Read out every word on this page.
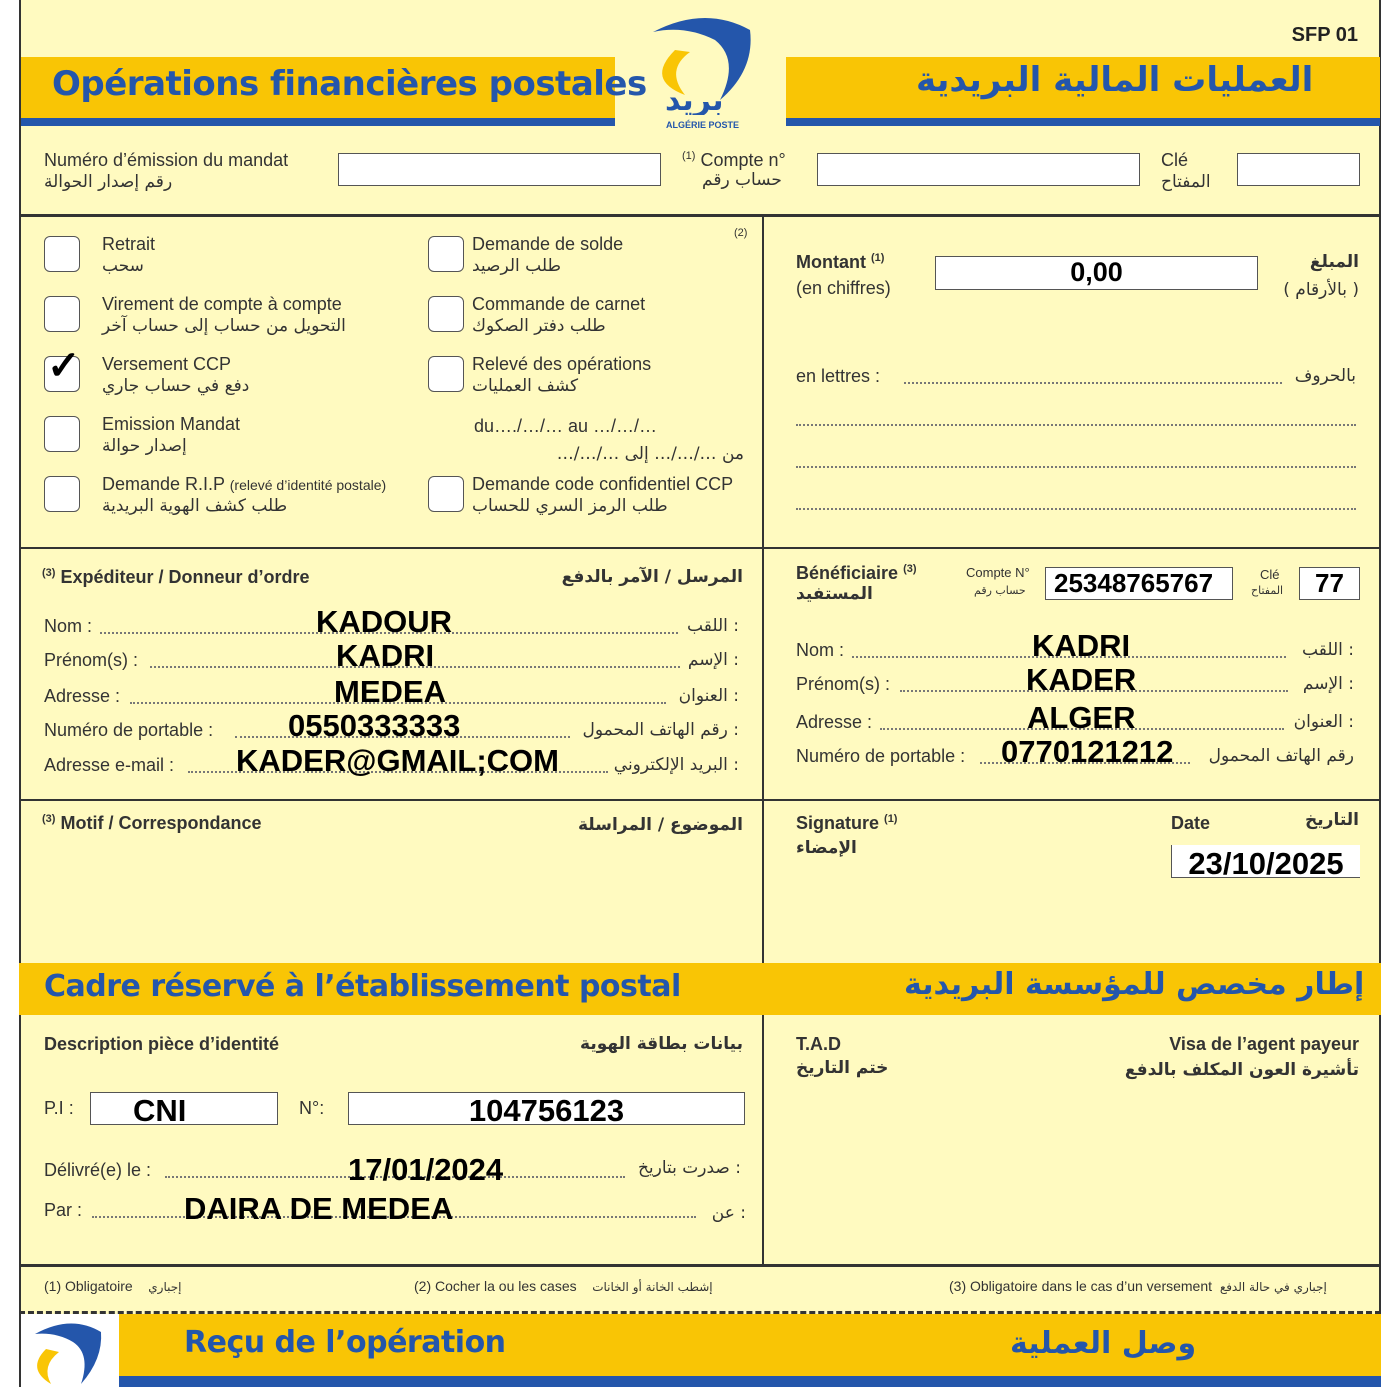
SFP 01
Opérations financières postales	العمليات المالية البريدية
بريد
ALGÉRIE POSTE
Numéro d’émission du mandat
رقم إصدار الحوالة
$^{(1)}$ Compte n°
حساب رقم
Clé
المفتاح
(2)
Retrait
سحب
Virement de compte à compte
التحويل من حساب إلى حساب آخر
✓ Versement CCP
دفع في حساب جاري
Emission Mandat
إصدار حوالة
Demande R.I.P (relevé d’identité postale)
طلب كشف الهوية البريدية
Demande de solde
طلب الرصيد
Commande de carnet
طلب دفتر الصكوك
Relevé des opérations
كشف العمليات
Demande code confidentiel CCP
طلب الرمز السري للحساب
du…./…/… au …/…/…
من …/…/… إلى …/…/…
Montant $^{(1)}$
(en chiffres)
0,00	المبلغ
( بالأرقام )
en lettres :	بالحروف
$^{(3)}$ Expéditeur / Donneur d’ordre	المرسل / الآمر بالدفع
Nom :	KADOUR	: اللقب
Prénom(s) :	KADRI	: الإسم
Adresse :	MEDEA	: العنوان
Numéro de portable : 0550333333	: رقم الهاتف المحمول
Adresse e-mail : KADER@GMAIL;COM	: البريد الإلكتروني
Bénéficiaire $^{(3)}$
المستفيد
Compte N°
حساب رقم	25348765767	Clé
المفتاح	77
Nom :	KADRI	: اللقب
Prénom(s) :	KADER	: الإسم
Adresse :	ALGER	: العنوان
Numéro de portable : 0770121212 رقم الهاتف المحمول
$^{(3)}$ Motif / Correspondance	الموضوع / المراسلة	Signature $^{(1)}$
الإمضاء
Date	التاريخ
23/10/2025
Cadre réservé à l’établissement postal	إطار مخصص للمؤسسة البريدية
Description pièce d’identité	بيانات بطاقة الهوية
P.I :	CNI	N°:	104756123
Délivré(e) le :	17/01/2024	: صدرت بتاريخ
Par :	DAIRA DE MEDEA	: عن
T.A.D
ختم التاريخ
Visa de l’agent payeur
تأشيرة العون المكلف بالدفع
(1) Obligatoire إجباري	(2) Cocher la ou les cases إشطب الخانة أو الخانات	(3) Obligatoire dans le cas d’un versement إجباري في حالة الدفع
Reçu de l’opération	وصل العملية
